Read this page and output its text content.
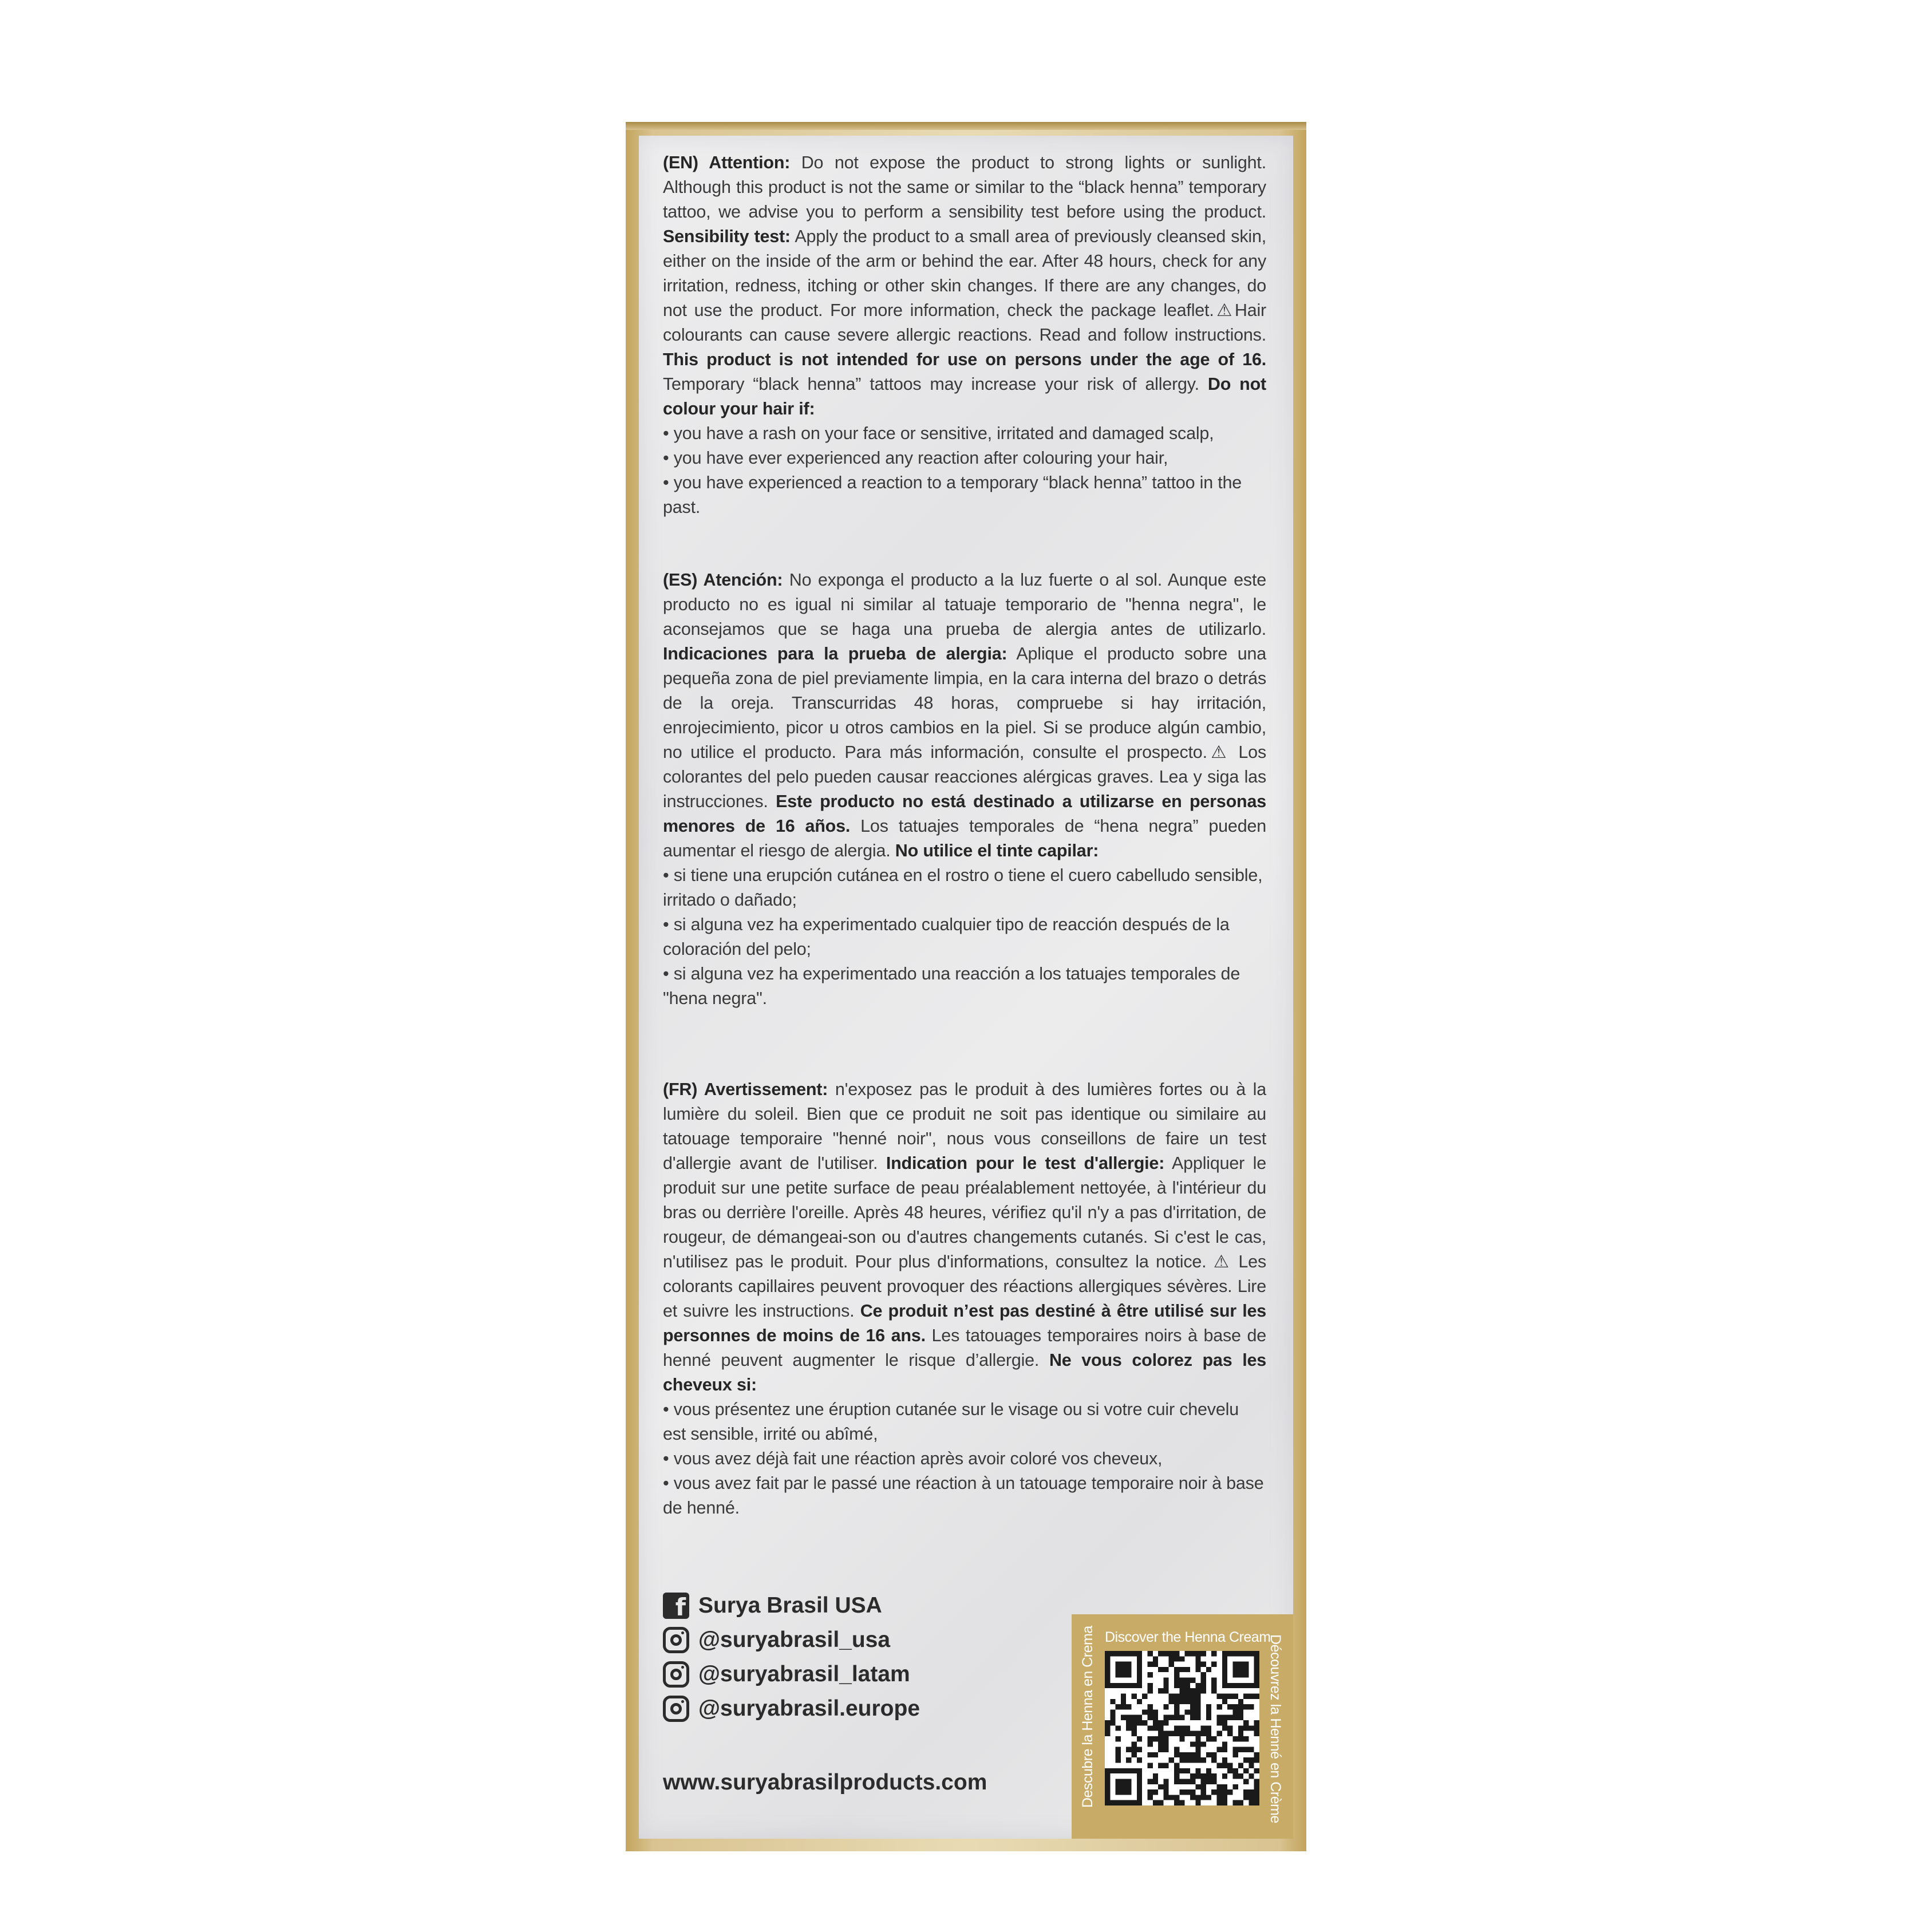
(EN) Attention: Do not expose the product to strong lights or sunlight. Although this product is not the same or similar to the “black henna” temporary tattoo, we advise you to perform a sensibility test before using the product. Sensibility test: Apply the product to a small area of previously cleansed skin, either on the inside of the arm or behind the ear. After 48 hours, check for any irritation, redness, itching or other skin changes. If there are any changes, do not use the product. For more information, check the package leaflet.⚠Hair colourants can cause severe allergic reactions. Read and follow instructions. This product is not intended for use on persons under the age of 16. Temporary “black henna” tattoos may increase your risk of allergy. Do not colour your hair if:

• you have a rash on your face or sensitive, irritated and damaged scalp,
• you have ever experienced any reaction after colouring your hair,
• you have experienced a reaction to a temporary “black henna” tattoo in the past.

(ES) Atención: No exponga el producto a la luz fuerte o al sol. Aunque este producto no es igual ni similar al tatuaje temporario de "henna negra", le aconsejamos que se haga una prueba de alergia antes de utilizarlo. Indicaciones para la prueba de alergia: Aplique el producto sobre una pequeña zona de piel previamente limpia, en la cara interna del brazo o detrás de la oreja. Transcurridas 48 horas, compruebe si hay irritación, enrojecimiento, picor u otros cambios en la piel. Si se produce algún cambio, no utilice el producto. Para más información, consulte el prospecto.⚠ Los colorantes del pelo pueden causar reacciones alérgicas graves. Lea y siga las instrucciones. Este producto no está destinado a utilizarse en personas menores de 16 años. Los tatuajes temporales de “hena negra” pueden aumentar el riesgo de alergia. No utilice el tinte capilar:

• si tiene una erupción cutánea en el rostro o tiene el cuero cabelludo sensible, irritado o dañado;
• si alguna vez ha experimentado cualquier tipo de reacción después de la coloración del pelo;
• si alguna vez ha experimentado una reacción a los tatuajes temporales de "hena negra".

(FR) Avertissement: n'exposez pas le produit à des lumières fortes ou à la lumière du soleil. Bien que ce produit ne soit pas identique ou similaire au tatouage temporaire "henné noir", nous vous conseillons de faire un test d'allergie avant de l'utiliser. Indication pour le test d'allergie: Appliquer le produit sur une petite surface de peau préalablement nettoyée, à l'intérieur du bras ou derrière l'oreille. Après 48 heures, vérifiez qu'il n'y a pas d'irritation, de rougeur, de démangeai-son ou d'autres changements cutanés. Si c'est le cas, n'utilisez pas le produit. Pour plus d'informations, consultez la notice. ⚠ Les colorants capillaires peuvent provoquer des réactions allergiques sévères. Lire et suivre les instructions. Ce produit n’est pas destiné à être utilisé sur les personnes de moins de 16 ans. Les tatouages temporaires noirs à base de henné peuvent augmenter le risque d’allergie. Ne vous colorez pas les cheveux si:

• vous présentez une éruption cutanée sur le visage ou si votre cuir chevelu est sensible, irrité ou abîmé,
• vous avez déjà fait une réaction après avoir coloré vos cheveux,
• vous avez fait par le passé une réaction à un tatouage temporaire noir à base de henné.
f
Surya Brasil USA
@suryabrasil_usa
@suryabrasil_latam
@suryabrasil.europe
www.suryabrasilproducts.com
Discover the Henna Cream
Descubre la Henna en Crema	Découvrez la Henné en Crème
